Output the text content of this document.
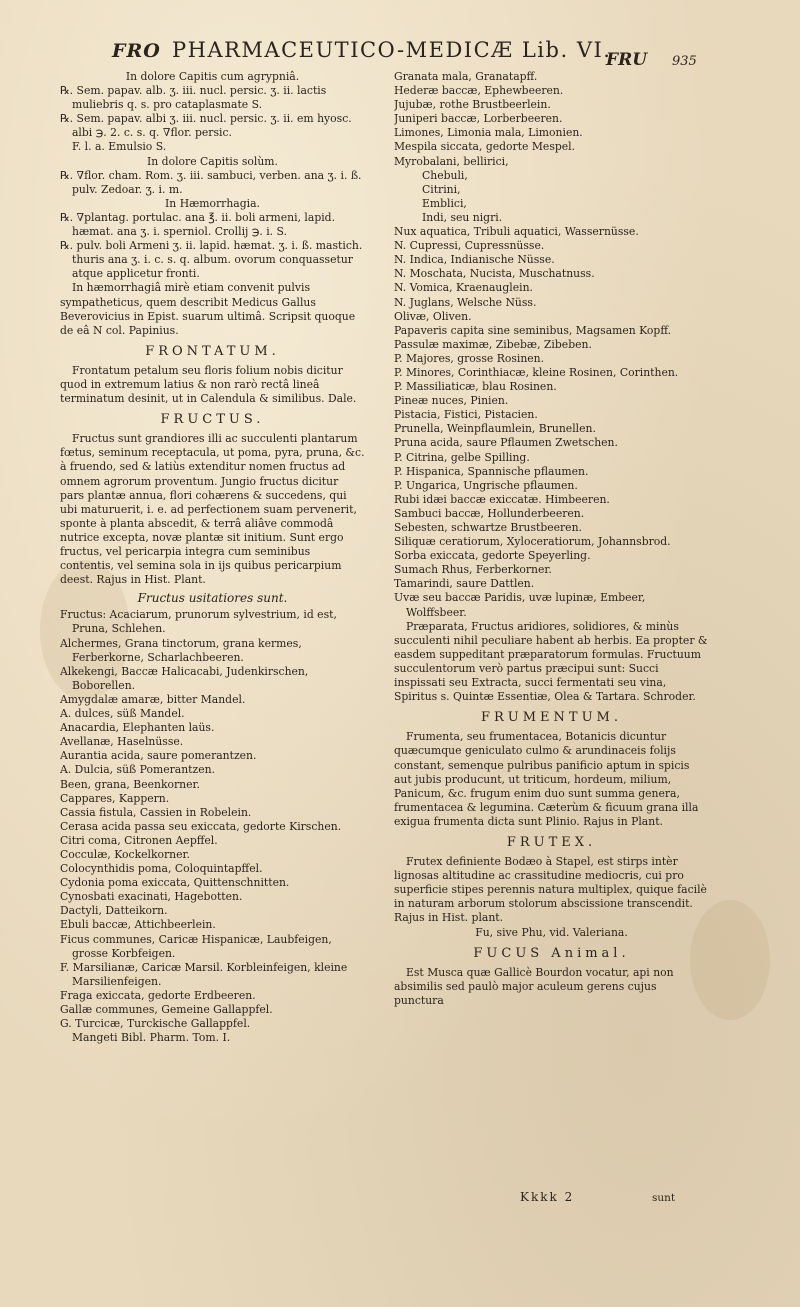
FRO PHARMACEUTICO-MEDICÆ Lib. VI.
FRU 935

In dolore Capitis cum agrypniâ.

℞. Sem. papav. alb. ʒ. iii. nucl. persic. ʒ. ii. lactis muliebris q. s. pro cataplasmate S.

℞. Sem. papav. albi ʒ. iii. nucl. persic. ʒ. ii. em hyosc. albi ℈. 2. c. s. q. ∇flor. persic.

F. l. a. Emulsio S.

In dolore Capitis solùm.

℞. ∇flor. cham. Rom. ʒ. iii. sambuci, verben. ana ʒ. i. ß. pulv. Zedoar. ʒ. i. m.

In Hæmorrhagia.

℞. ∇plantag. portulac. ana ℥. ii. boli armeni, lapid. hæmat. ana ʒ. i. sperniol. Crollij ℈. i. S.

℞. pulv. boli Armeni ʒ. ii. lapid. hæmat. ʒ. i. ß. mastich. thuris ana ʒ. i. c. s. q. album. ovorum conquassetur atque applicetur fronti.

In hæmorrhagiâ mirè etiam convenit pulvis sympatheticus, quem describit Medicus Gallus Beverovicius in Epist. suarum ultimâ. Scripsit quoque de eâ N col. Papinius.

FRONTATUM.

Frontatum petalum seu floris folium nobis dicitur quod in extremum latius & non rarò rectâ lineâ terminatum desinit, ut in Calendula & similibus. Dale.

FRUCTUS.

Fructus sunt grandiores illi ac succulenti plantarum fœtus, seminum receptacula, ut poma, pyra, pruna, &c. à fruendo, sed & latiùs extenditur nomen fructus ad omnem agrorum proventum. Jungio fructus dicitur pars plantæ annua, flori cohærens & succedens, qui ubi maturuerit, i. e. ad perfectionem suam pervenerit, sponte à planta abscedit, & terrâ aliâve commodâ nutrice excepta, novæ plantæ sit initium. Sunt ergo fructus, vel pericarpia integra cum seminibus contentis, vel semina sola in ijs quibus pericarpium deest. Rajus in Hist. Plant.

Fructus usitatiores sunt.

Fructus: Acaciarum, prunorum sylvestrium, id est, Pruna, Schlehen.

Alchermes, Grana tinctorum, grana kermes, Ferberkorne, Scharlachbeeren.

Alkekengi, Baccæ Halicacabi, Judenkirschen, Boborellen.

Amygdalæ amaræ, bitter Mandel.

A. dulces, süß Mandel.

Anacardia, Elephanten laüs.

Avellanæ, Haselnüsse.

Aurantia acida, saure pomerantzen.

A. Dulcia, süß Pomerantzen.

Been, grana, Beenkorner.

Cappares, Kappern.

Cassia fistula, Cassien in Robelein.

Cerasa acida passa seu exiccata, gedorte Kirschen.

Citri coma, Citronen Aepffel.

Cocculæ, Kockelkorner.

Colocynthidis poma, Coloquintapffel.

Cydonia poma exiccata, Quittenschnitten.

Cynosbati exacinati, Hagebotten.

Dactyli, Datteikorn.

Ebuli baccæ, Attichbeerlein.

Ficus communes, Caricæ Hispanicæ, Laubfeigen, grosse Korbfeigen.

F. Marsilianæ, Caricæ Marsil. Korbleinfeigen, kleine Marsilienfeigen.

Fraga exiccata, gedorte Erdbeeren.

Gallæ communes, Gemeine Gallappfel.

G. Turcicæ, Turckische Gallappfel.

Mangeti Bibl. Pharm. Tom. I.

Granata mala, Granatapff.

Hederæ baccæ, Ephewbeeren.

Jujubæ, rothe Brustbeerlein.

Juniperi baccæ, Lorberbeeren.

Limones, Limonia mala, Limonien.

Mespila siccata, gedorte Mespel.

Myrobalani, bellirici,

Chebuli,

Citrini,

Emblici,

Indi, seu nigri.

Nux aquatica, Tribuli aquatici, Wassernüsse.

N. Cupressi, Cupressnüsse.

N. Indica, Indianische Nüsse.

N. Moschata, Nucista, Muschatnuss.

N. Vomica, Kraenauglein.

N. Juglans, Welsche Nüss.

Olivæ, Oliven.

Papaveris capita sine seminibus, Magsamen Kopff.

Passulæ maximæ, Zibebæ, Zibeben.

P. Majores, grosse Rosinen.

P. Minores, Corinthiacæ, kleine Rosinen, Corinthen.

P. Massiliaticæ, blau Rosinen.

Pineæ nuces, Pinien.

Pistacia, Fistici, Pistacien.

Prunella, Weinpflaumlein, Brunellen.

Pruna acida, saure Pflaumen Zwetschen.

P. Citrina, gelbe Spilling.

P. Hispanica, Spannische pflaumen.

P. Ungarica, Ungrische pflaumen.

Rubi idæi baccæ exiccatæ. Himbeeren.

Sambuci baccæ, Hollunderbeeren.

Sebesten, schwartze Brustbeeren.

Siliquæ ceratiorum, Xyloceratiorum, Johannsbrod.

Sorba exiccata, gedorte Speyerling.

Sumach Rhus, Ferberkorner.

Tamarindi, saure Dattlen.

Uvæ seu baccæ Paridis, uvæ lupinæ, Embeer, Wolffsbeer.

Præparata, Fructus aridiores, solidiores, & minùs succulenti nihil peculiare habent ab herbis. Ea propter & easdem suppeditant præparatorum formulas. Fructuum succulentorum verò partus præcipui sunt: Succi inspissati seu Extracta, succi fermentati seu vina, Spiritus s. Quintæ Essentiæ, Olea & Tartara. Schroder.

FRUMENTUM.

Frumenta, seu frumentacea, Botanicis dicuntur quæcumque geniculato culmo & arundinaceis folijs constant, semenque pulribus panificio aptum in spicis aut jubis producunt, ut triticum, hordeum, milium, Panicum, &c. frugum enim duo sunt summa genera, frumentacea & legumina. Cæterùm & ficuum grana illa exigua frumenta dicta sunt Plinio. Rajus in Plant.

FRUTEX.

Frutex definiente Bodæo à Stapel, est stirps intèr lignosas altitudine ac crassitudine mediocris, cui pro superficie stipes perennis natura multiplex, quique facilè in naturam arborum stolorum abscissione transcendit. Rajus in Hist. plant.

Fu, sive Phu, vid. Valeriana.

FUCUS Animal.

Est Musca quæ Gallicè Bourdon vocatur, api non absimilis sed paulò major aculeum gerens cujus punctura

Kkkk 2	sunt
